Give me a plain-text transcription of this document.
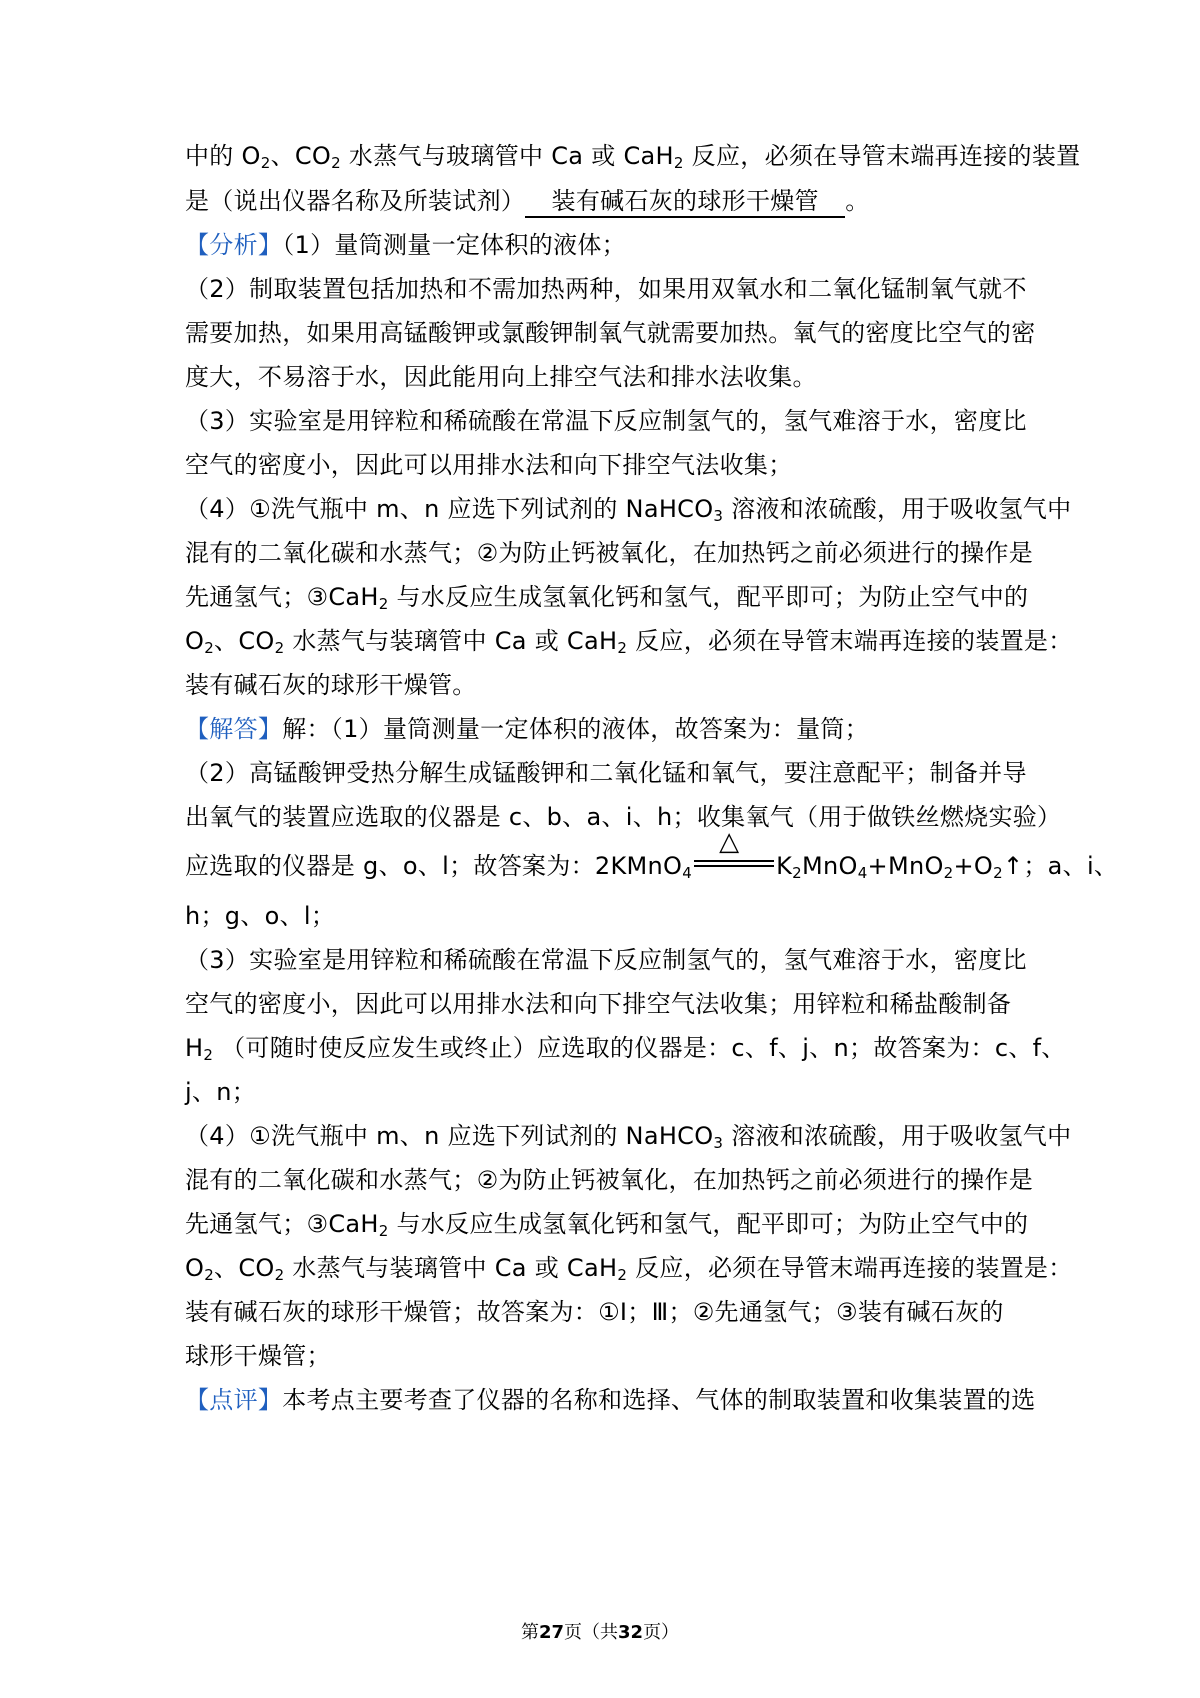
中的 $O_2$、$CO_2$ 水蒸气与玻璃管中 Ca 或 CaH$_2$ 反应，必须在导管末端再连接的装置
是（说出仪器名称及所装试剂） 装有碱石灰的球形干燥管 。
【分析】（1）量筒测量一定体积的液体；
（2）制取装置包括加热和不需加热两种，如果用双氧水和二氧化锰制氧气就不
需要加热，如果用高锰酸钾或氯酸钾制氧气就需要加热。氧气的密度比空气的密
度大，不易溶于水，因此能用向上排空气法和排水法收集。
（3）实验室是用锌粒和稀硫酸在常温下反应制氢气的，氢气难溶于水，密度比
空气的密度小，因此可以用排水法和向下排空气法收集；
（4）①洗气瓶中 m、n 应选下列试剂的 NaHCO$_3$ 溶液和浓硫酸，用于吸收氢气中
混有的二氧化碳和水蒸气；②为防止钙被氧化，在加热钙之前必须进行的操作是
先通氢气；③CaH$_2$ 与水反应生成氢氧化钙和氢气，配平即可；为防止空气中的
$O_2$、$CO_2$ 水蒸气与装璃管中 Ca 或 CaH$_2$ 反应，必须在导管末端再连接的装置是：
装有碱石灰的球形干燥管。
【解答】解：（1）量筒测量一定体积的液体，故答案为：量筒；
（2）高锰酸钾受热分解生成锰酸钾和二氧化锰和氧气，要注意配平；制备并导
出氧气的装置应选取的仪器是 c、b、a、i、h；收集氧气（用于做铁丝燃烧实验）
应选取的仪器是 g、o、l；故答案为：2KMnO$_4$
△
$K_2MnO_4+MnO_2+O_2↑$；a、i、
h；g、o、l；
（3）实验室是用锌粒和稀硫酸在常温下反应制氢气的，氢气难溶于水，密度比
空气的密度小，因此可以用排水法和向下排空气法收集；用锌粒和稀盐酸制备
$H_2$ （可随时使反应发生或终止）应选取的仪器是：c、f、j、n；故答案为：c、f、
j、n；
（4）①洗气瓶中 m、n 应选下列试剂的 NaHCO$_3$ 溶液和浓硫酸，用于吸收氢气中
混有的二氧化碳和水蒸气；②为防止钙被氧化，在加热钙之前必须进行的操作是
先通氢气；③CaH$_2$ 与水反应生成氢氧化钙和氢气，配平即可；为防止空气中的
$O_2$、$CO_2$ 水蒸气与装璃管中 Ca 或 CaH$_2$ 反应，必须在导管末端再连接的装置是：
装有碱石灰的球形干燥管；故答案为：①Ⅰ；Ⅲ；②先通氢气；③装有碱石灰的
球形干燥管；
【点评】本考点主要考查了仪器的名称和选择、气体的制取装置和收集装置的选
第27页（共32页）
